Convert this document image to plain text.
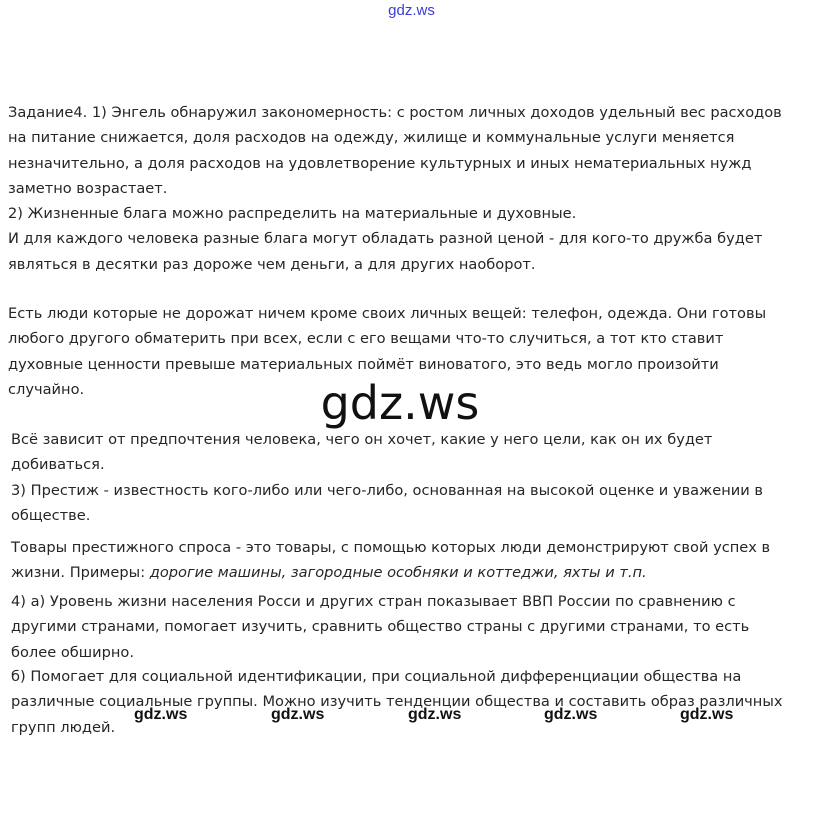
gdz.ws
Задание4. 1) Энгель обнаружил закономерность: с ростом личных доходов удельный вес расходов
на питание снижается, доля расходов на одежду, жилище и коммунальные услуги меняется
незначительно, а доля расходов на удовлетворение культурных и иных нематериальных нужд
заметно возрастает.
2) Жизненные блага можно распределить на материальные и духовные.
И для каждого человека разные блага могут обладать разной ценой - для кого-то дружба будет
являться в десятки раз дороже чем деньги, а для других наоборот.
Есть люди которые не дорожат ничем кроме своих личных вещей: телефон, одежда. Они готовы
любого другого обматерить при всех, если с его вещами что-то случиться, а тот кто ставит
духовные ценности превыше материальных поймёт виноватого, это ведь могло произойти
случайно.	gdz.ws
Всё зависит от предпочтения человека, чего он хочет, какие у него цели, как он их будет
добиваться.
3) Престиж - известность кого-либо или чего-либо, основанная на высокой оценке и уважении в
обществе.
Товары престижного спроса - это товары, с помощью которых люди демонстрируют свой успех в
жизни. Примеры: дорогие машины, загородные особняки и коттеджи, яхты и т.п.
4) а) Уровень жизни населения Росси и других стран показывает ВВП России по сравнению с
другими странами, помогает изучить, сравнить общество страны с другими странами, то есть
более обширно.
б) Помогает для социальной идентификации, при социальной дифференциации общества на
различные социальные группы. Можно изучить тенденции общества и составить образ различных
групп людей.
gdz.ws	gdz.ws	gdz.ws	gdz.ws	gdz.ws
